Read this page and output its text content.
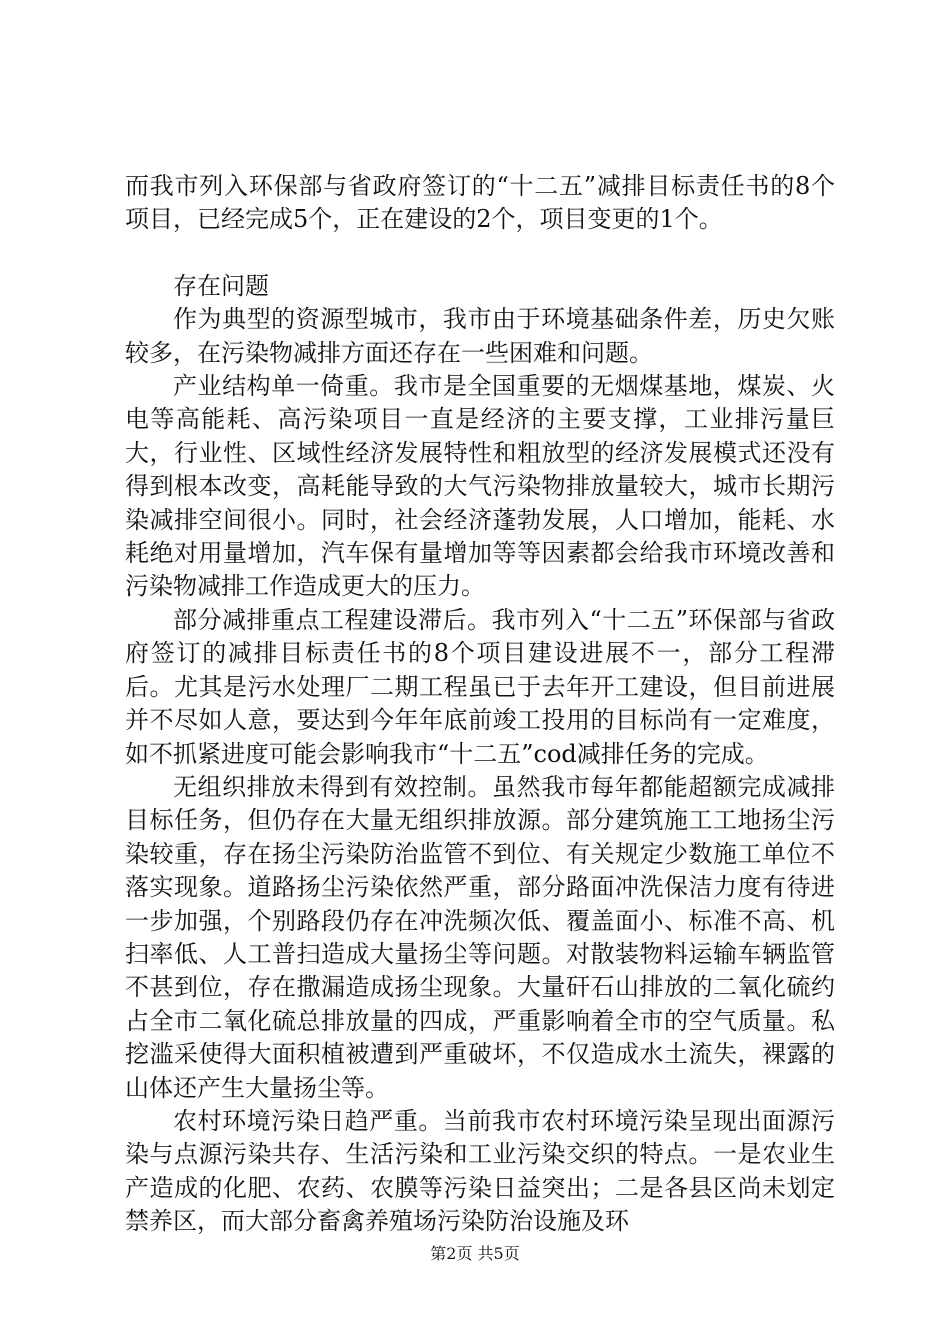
而我市列入环保部与省政府签订的“十二五”减排目标责任书的8个项目，已经完成5个，正在建设的2个，项目变更的1个。

存在问题

作为典型的资源型城市，我市由于环境基础条件差，历史欠账较多，在污染物减排方面还存在一些困难和问题。

产业结构单一倚重。我市是全国重要的无烟煤基地，煤炭、火电等高能耗、高污染项目一直是经济的主要支撑，工业排污量巨大，行业性、区域性经济发展特性和粗放型的经济发展模式还没有得到根本改变，高耗能导致的大气污染物排放量较大，城市长期污染减排空间很小。同时，社会经济蓬勃发展，人口增加，能耗、水耗绝对用量增加，汽车保有量增加等等因素都会给我市环境改善和污染物减排工作造成更大的压力。

部分减排重点工程建设滞后。我市列入“十二五”环保部与省政府签订的减排目标责任书的8个项目建设进展不一，部分工程滞后。尤其是污水处理厂二期工程虽已于去年开工建设，但目前进展并不尽如人意，要达到今年年底前竣工投用的目标尚有一定难度，如不抓紧进度可能会影响我市“十二五”cod减排任务的完成。

无组织排放未得到有效控制。虽然我市每年都能超额完成减排目标任务，但仍存在大量无组织排放源。部分建筑施工工地扬尘污染较重，存在扬尘污染防治监管不到位、有关规定少数施工单位不落实现象。道路扬尘污染依然严重，部分路面冲洗保洁力度有待进一步加强，个别路段仍存在冲洗频次低、覆盖面小、标准不高、机扫率低、人工普扫造成大量扬尘等问题。对散装物料运输车辆监管不甚到位，存在撒漏造成扬尘现象。大量矸石山排放的二氧化硫约占全市二氧化硫总排放量的四成，严重影响着全市的空气质量。私挖滥采使得大面积植被遭到严重破坏，不仅造成水土流失，裸露的山体还产生大量扬尘等。

农村环境污染日趋严重。当前我市农村环境污染呈现出面源污染与点源污染共存、生活污染和工业污染交织的特点。一是农业生产造成的化肥、农药、农膜等污染日益突出；二是各县区尚未划定禁养区，而大部分畜禽养殖场污染防治设施及环

第2页 共5页
